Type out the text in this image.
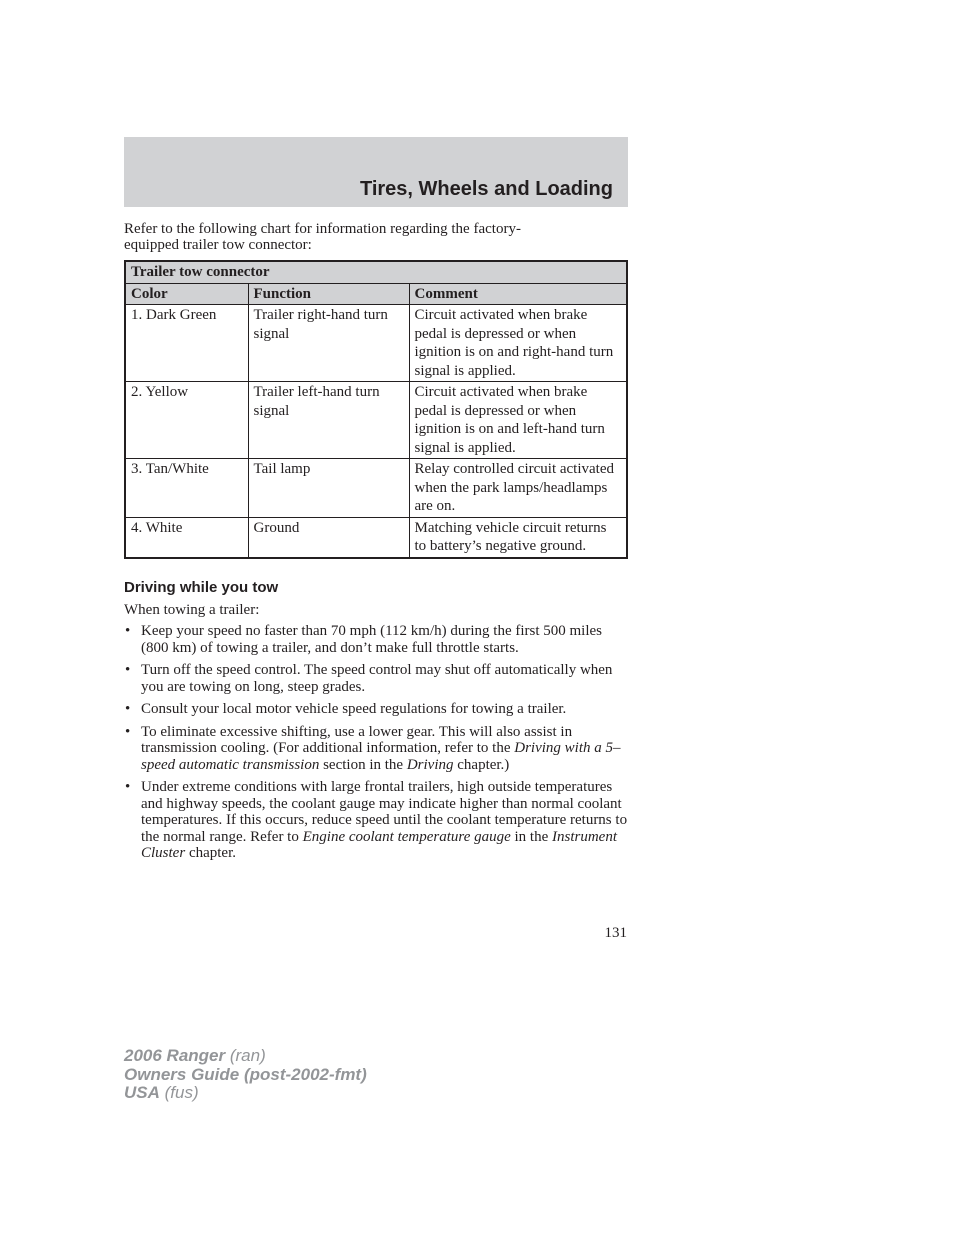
Tires, Wheels and Loading

Refer to the following chart for information regarding the factory-equipped trailer tow connector:

Trailer tow connector		
Color	Function	Comment
1. Dark Green	Trailer right-hand turn signal	Circuit activated when brake pedal is depressed or when ignition is on and right-hand turn signal is applied.
2. Yellow	Trailer left-hand turn signal	Circuit activated when brake pedal is depressed or when ignition is on and left-hand turn signal is applied.
3. Tan/White	Tail lamp	Relay controlled circuit activated when the park lamps/headlamps are on.
4. White	Ground	Matching vehicle circuit returns to battery’s negative ground.
Driving while you tow

When towing a trailer:

• Keep your speed no faster than 70 mph (112 km/h) during the first 500 miles (800 km) of towing a trailer, and don’t make full throttle starts.
• Turn off the speed control. The speed control may shut off automatically when you are towing on long, steep grades.
• Consult your local motor vehicle speed regulations for towing a trailer.
• To eliminate excessive shifting, use a lower gear. This will also assist in transmission cooling. (For additional information, refer to the Driving with a 5–speed automatic transmission section in the Driving chapter.)
• Under extreme conditions with large frontal trailers, high outside temperatures and highway speeds, the coolant gauge may indicate higher than normal coolant temperatures. If this occurs, reduce speed until the coolant temperature returns to the normal range. Refer to Engine coolant temperature gauge in the Instrument Cluster chapter.

131

2006 Ranger (ran)
Owners Guide (post-2002-fmt)
USA (fus)
